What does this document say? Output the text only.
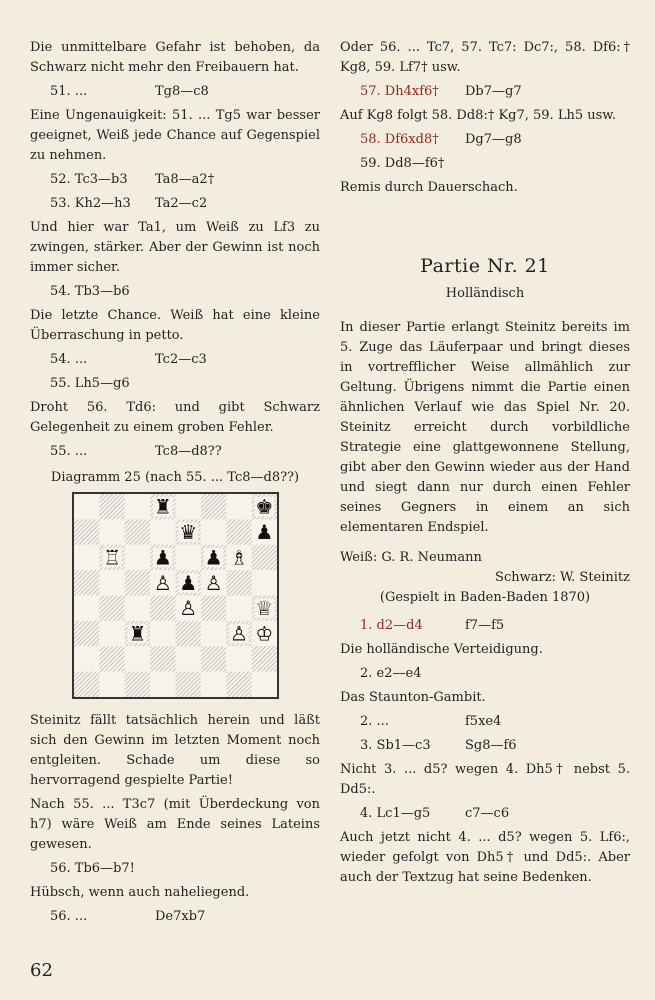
Die unmittelbare Gefahr ist behoben, da Schwarz nicht mehr den Freibauern hat.

51. ...	Tg8—c8

Eine Ungenauigkeit: 51. ... Tg5 war besser geeignet, Weiß jede Chance auf Gegenspiel zu nehmen.

52. Tc3—b3	Ta8—a2†
53. Kh2—h3	Ta2—c2

Und hier war Ta1, um Weiß zu Lf3 zu zwingen, stärker. Aber der Gewinn ist noch immer sicher.

54. Tb3—b6

Die letzte Chance. Weiß hat eine kleine Überraschung in petto.

54. ...	Tc2—c3
55. Lh5—g6

Droht 56. Td6: und gibt Schwarz Gelegenheit zu einem groben Fehler.

55. ...	Tc8—d8??
Diagramm 25 (nach 55. ... Tc8—d8??)
♜	♚
♛	♟
♖ ♟ ♟ ♗
♙ ♟ ♙
♙	♕
♜	♙ ♔

Steinitz fällt tatsächlich herein und läßt sich den Gewinn im letzten Moment noch entgleiten. Schade um diese so hervorragend gespielte Partie!

Nach 55. ... T3c7 (mit Überdeckung von h7) wäre Weiß am Ende seines Lateins gewesen.

56. Tb6—b7!

Hübsch, wenn auch naheliegend.

56. ...	De7xb7

Oder 56. ... Tc7, 57. Tc7: Dc7:, 58. Df6:† Kg8, 59. Lf7† usw.

57. Dh4xf6†	Db7—g7

Auf Kg8 folgt 58. Dd8:† Kg7, 59. Lh5 usw.

58. Df6xd8†	Dg7—g8
59. Dd8—f6†

Remis durch Dauerschach.

Partie Nr. 21
Holländisch

In dieser Partie erlangt Steinitz bereits im 5. Zuge das Läuferpaar und bringt dieses in vortrefflicher Weise allmählich zur Geltung. Übrigens nimmt die Partie einen ähnlichen Verlauf wie das Spiel Nr. 20. Steinitz erreicht durch vorbildliche Strategie eine glattgewonnene Stellung, gibt aber den Gewinn wieder aus der Hand und siegt dann nur durch einen Fehler seines Gegners in einem an sich elementaren Endspiel.

Weiß: G. R. Neumann
Schwarz: W. Steinitz
(Gespielt in Baden-Baden 1870)
1. d2—d4	f7—f5

Die holländische Verteidigung.

2. e2—e4

Das Staunton-Gambit.

2. ...	f5xe4
3. Sb1—c3	Sg8—f6

Nicht 3. ... d5? wegen 4. Dh5† nebst 5. Dd5:.

4. Lc1—g5	c7—c6

Auch jetzt nicht 4. ... d5? wegen 5. Lf6:, wieder gefolgt von Dh5† und Dd5:. Aber auch der Textzug hat seine Bedenken.

62
